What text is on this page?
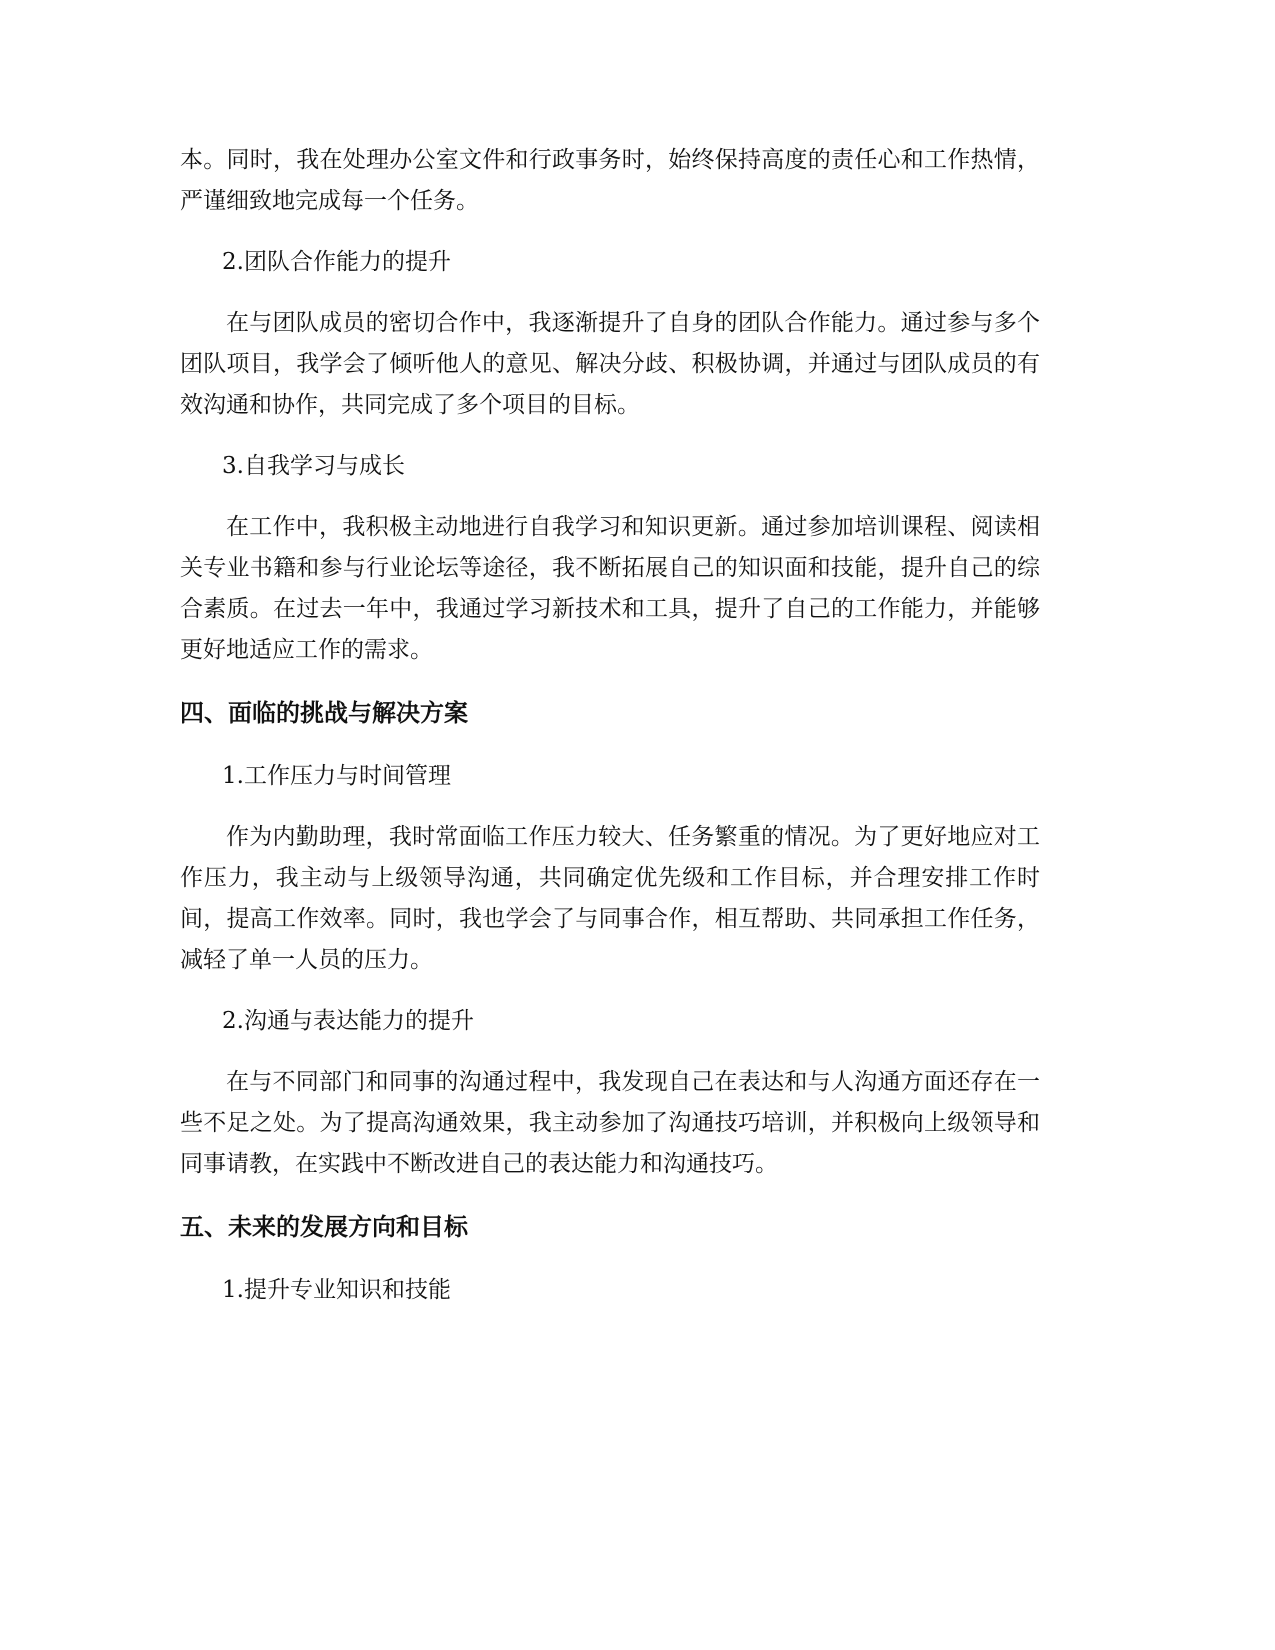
本。同时，我在处理办公室文件和行政事务时，始终保持高度的责任心和工作热情，严谨细致地完成每一个任务。

2.团队合作能力的提升

在与团队成员的密切合作中，我逐渐提升了自身的团队合作能力。通过参与多个团队项目，我学会了倾听他人的意见、解决分歧、积极协调，并通过与团队成员的有效沟通和协作，共同完成了多个项目的目标。

3.自我学习与成长

在工作中，我积极主动地进行自我学习和知识更新。通过参加培训课程、阅读相关专业书籍和参与行业论坛等途径，我不断拓展自己的知识面和技能，提升自己的综合素质。在过去一年中，我通过学习新技术和工具，提升了自己的工作能力，并能够更好地适应工作的需求。

四、面临的挑战与解决方案

1.工作压力与时间管理

作为内勤助理，我时常面临工作压力较大、任务繁重的情况。为了更好地应对工作压力，我主动与上级领导沟通，共同确定优先级和工作目标，并合理安排工作时间，提高工作效率。同时，我也学会了与同事合作，相互帮助、共同承担工作任务，减轻了单一人员的压力。

2.沟通与表达能力的提升

在与不同部门和同事的沟通过程中，我发现自己在表达和与人沟通方面还存在一些不足之处。为了提高沟通效果，我主动参加了沟通技巧培训，并积极向上级领导和同事请教，在实践中不断改进自己的表达能力和沟通技巧。

五、未来的发展方向和目标

1.提升专业知识和技能
